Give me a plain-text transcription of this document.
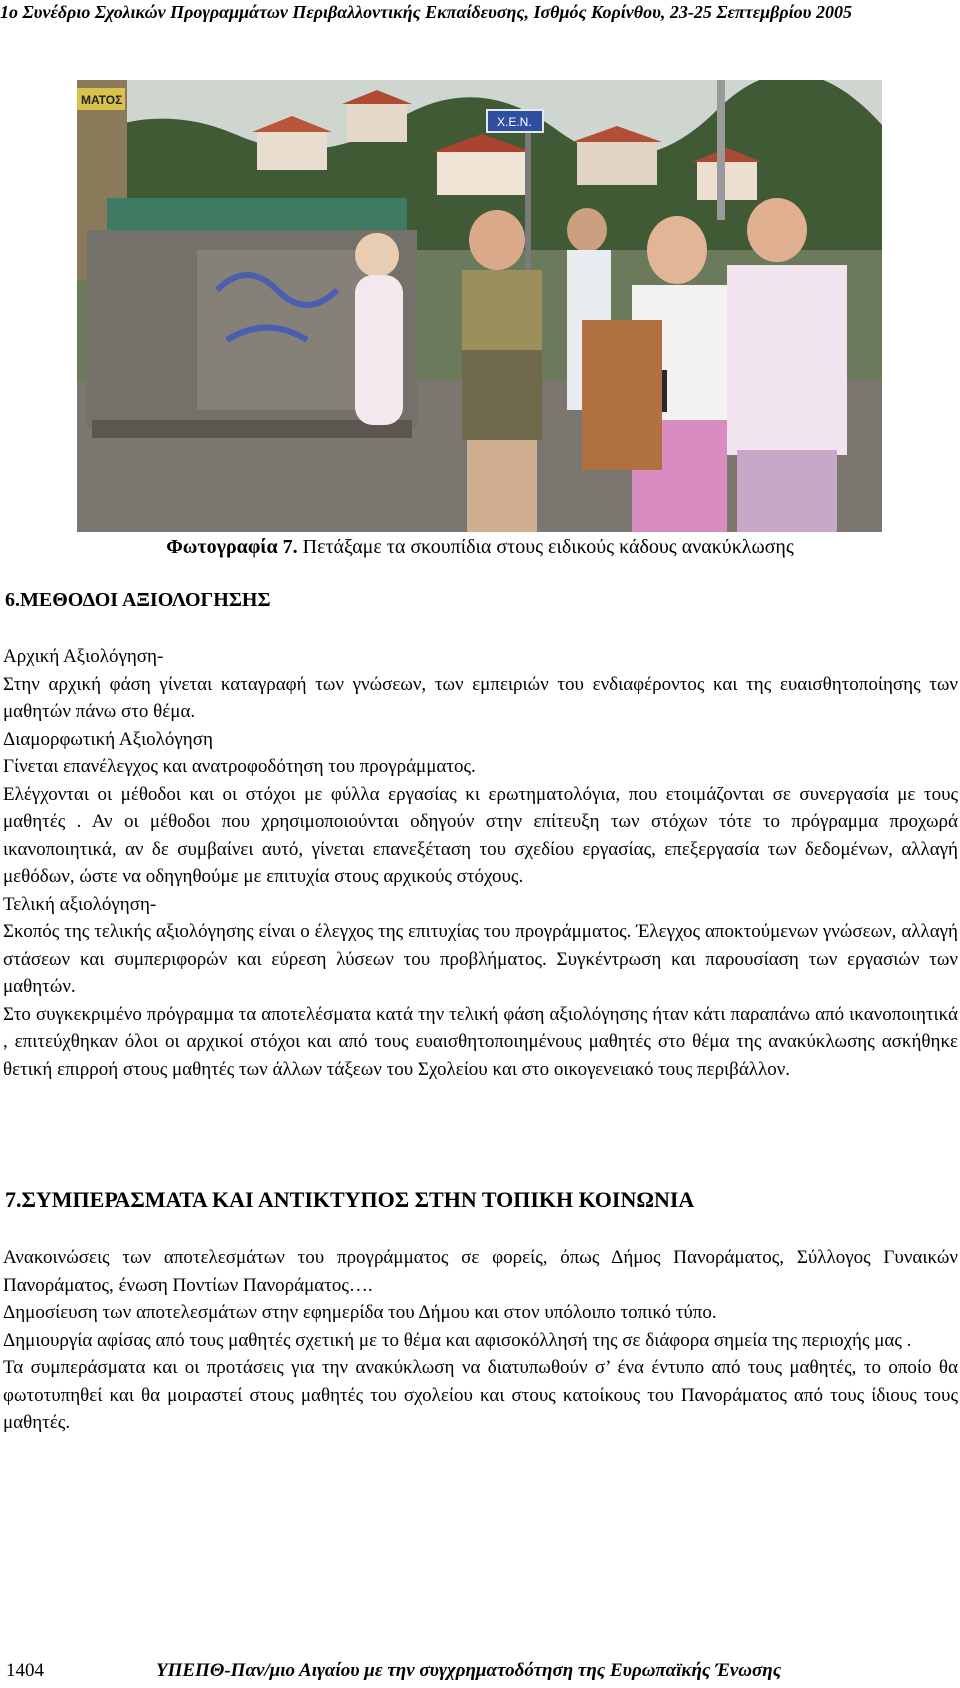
1ο Συνέδριο Σχολικών Προγραμμάτων Περιβαλλοντικής Εκπαίδευσης, Ισθμός Κορίνθου, 23-25 Σεπτεμβρίου 2005
ΜΑΤΟΣ
Χ.Ε.Ν.
Φωτογραφία 7. Πετάξαμε τα σκουπίδια στους ειδικούς κάδους ανακύκλωσης
6.ΜΕΘΟΔΟΙ ΑΞΙΟΛΟΓΗΣΗΣ

Αρχική Αξιολόγηση-

Στην αρχική φάση γίνεται καταγραφή των γνώσεων, των εμπειριών του ενδιαφέροντος και της ευαισθητοποίησης των μαθητών πάνω στο θέμα.

Διαμορφωτική Αξιολόγηση

Γίνεται επανέλεγχος και ανατροφοδότηση του προγράμματος.

Ελέγχονται οι μέθοδοι και οι στόχοι με φύλλα εργασίας κι ερωτηματολόγια, που ετοιμάζονται σε συνεργασία με τους μαθητές . Αν οι μέθοδοι που χρησιμοποιούνται οδηγούν στην επίτευξη των στόχων τότε το πρόγραμμα προχωρά ικανοποιητικά, αν δε συμβαίνει αυτό, γίνεται επανεξέταση του σχεδίου εργασίας, επεξεργασία των δεδομένων, αλλαγή μεθόδων, ώστε να οδηγηθούμε με επιτυχία στους αρχικούς στόχους.

Τελική αξιολόγηση-

Σκοπός της τελικής αξιολόγησης είναι ο έλεγχος της επιτυχίας του προγράμματος. Έλεγχος αποκτούμενων γνώσεων, αλλαγή στάσεων και συμπεριφορών και εύρεση λύσεων του προβλήματος. Συγκέντρωση και παρουσίαση των εργασιών των μαθητών.

Στο συγκεκριμένο πρόγραμμα τα αποτελέσματα κατά την τελική φάση αξιολόγησης ήταν κάτι παραπάνω από ικανοποιητικά , επιτεύχθηκαν όλοι οι αρχικοί στόχοι και από τους ευαισθητοποιημένους μαθητές στο θέμα της ανακύκλωσης ασκήθηκε θετική επιρροή στους μαθητές των άλλων τάξεων του Σχολείου και στο οικογενειακό τους περιβάλλον.

7.ΣΥΜΠΕΡΑΣΜΑΤΑ ΚΑΙ ΑΝΤΙΚΤΥΠΟΣ ΣΤΗΝ ΤΟΠΙΚΗ ΚΟΙΝΩΝΙΑ

Ανακοινώσεις των αποτελεσμάτων του προγράμματος σε φορείς, όπως Δήμος Πανοράματος, Σύλλογος Γυναικών Πανοράματος, ένωση Ποντίων Πανοράματος….

Δημοσίευση των αποτελεσμάτων στην εφημερίδα του Δήμου και στον υπόλοιπο τοπικό τύπο.

Δημιουργία αφίσας από τους μαθητές σχετική με το θέμα και αφισοκόλλησή της σε διάφορα σημεία της περιοχής μας .

Τα συμπεράσματα και οι προτάσεις για την ανακύκλωση να διατυπωθούν σ’ ένα έντυπο από τους μαθητές, το οποίο θα φωτοτυπηθεί και θα μοιραστεί στους μαθητές του σχολείου και στους κατοίκους του Πανοράματος από τους ίδιους τους μαθητές.

1404	ΥΠΕΠΘ-Παν/μιο Αιγαίου με την συγχρηματοδότηση της Ευρωπαϊκής Ένωσης
